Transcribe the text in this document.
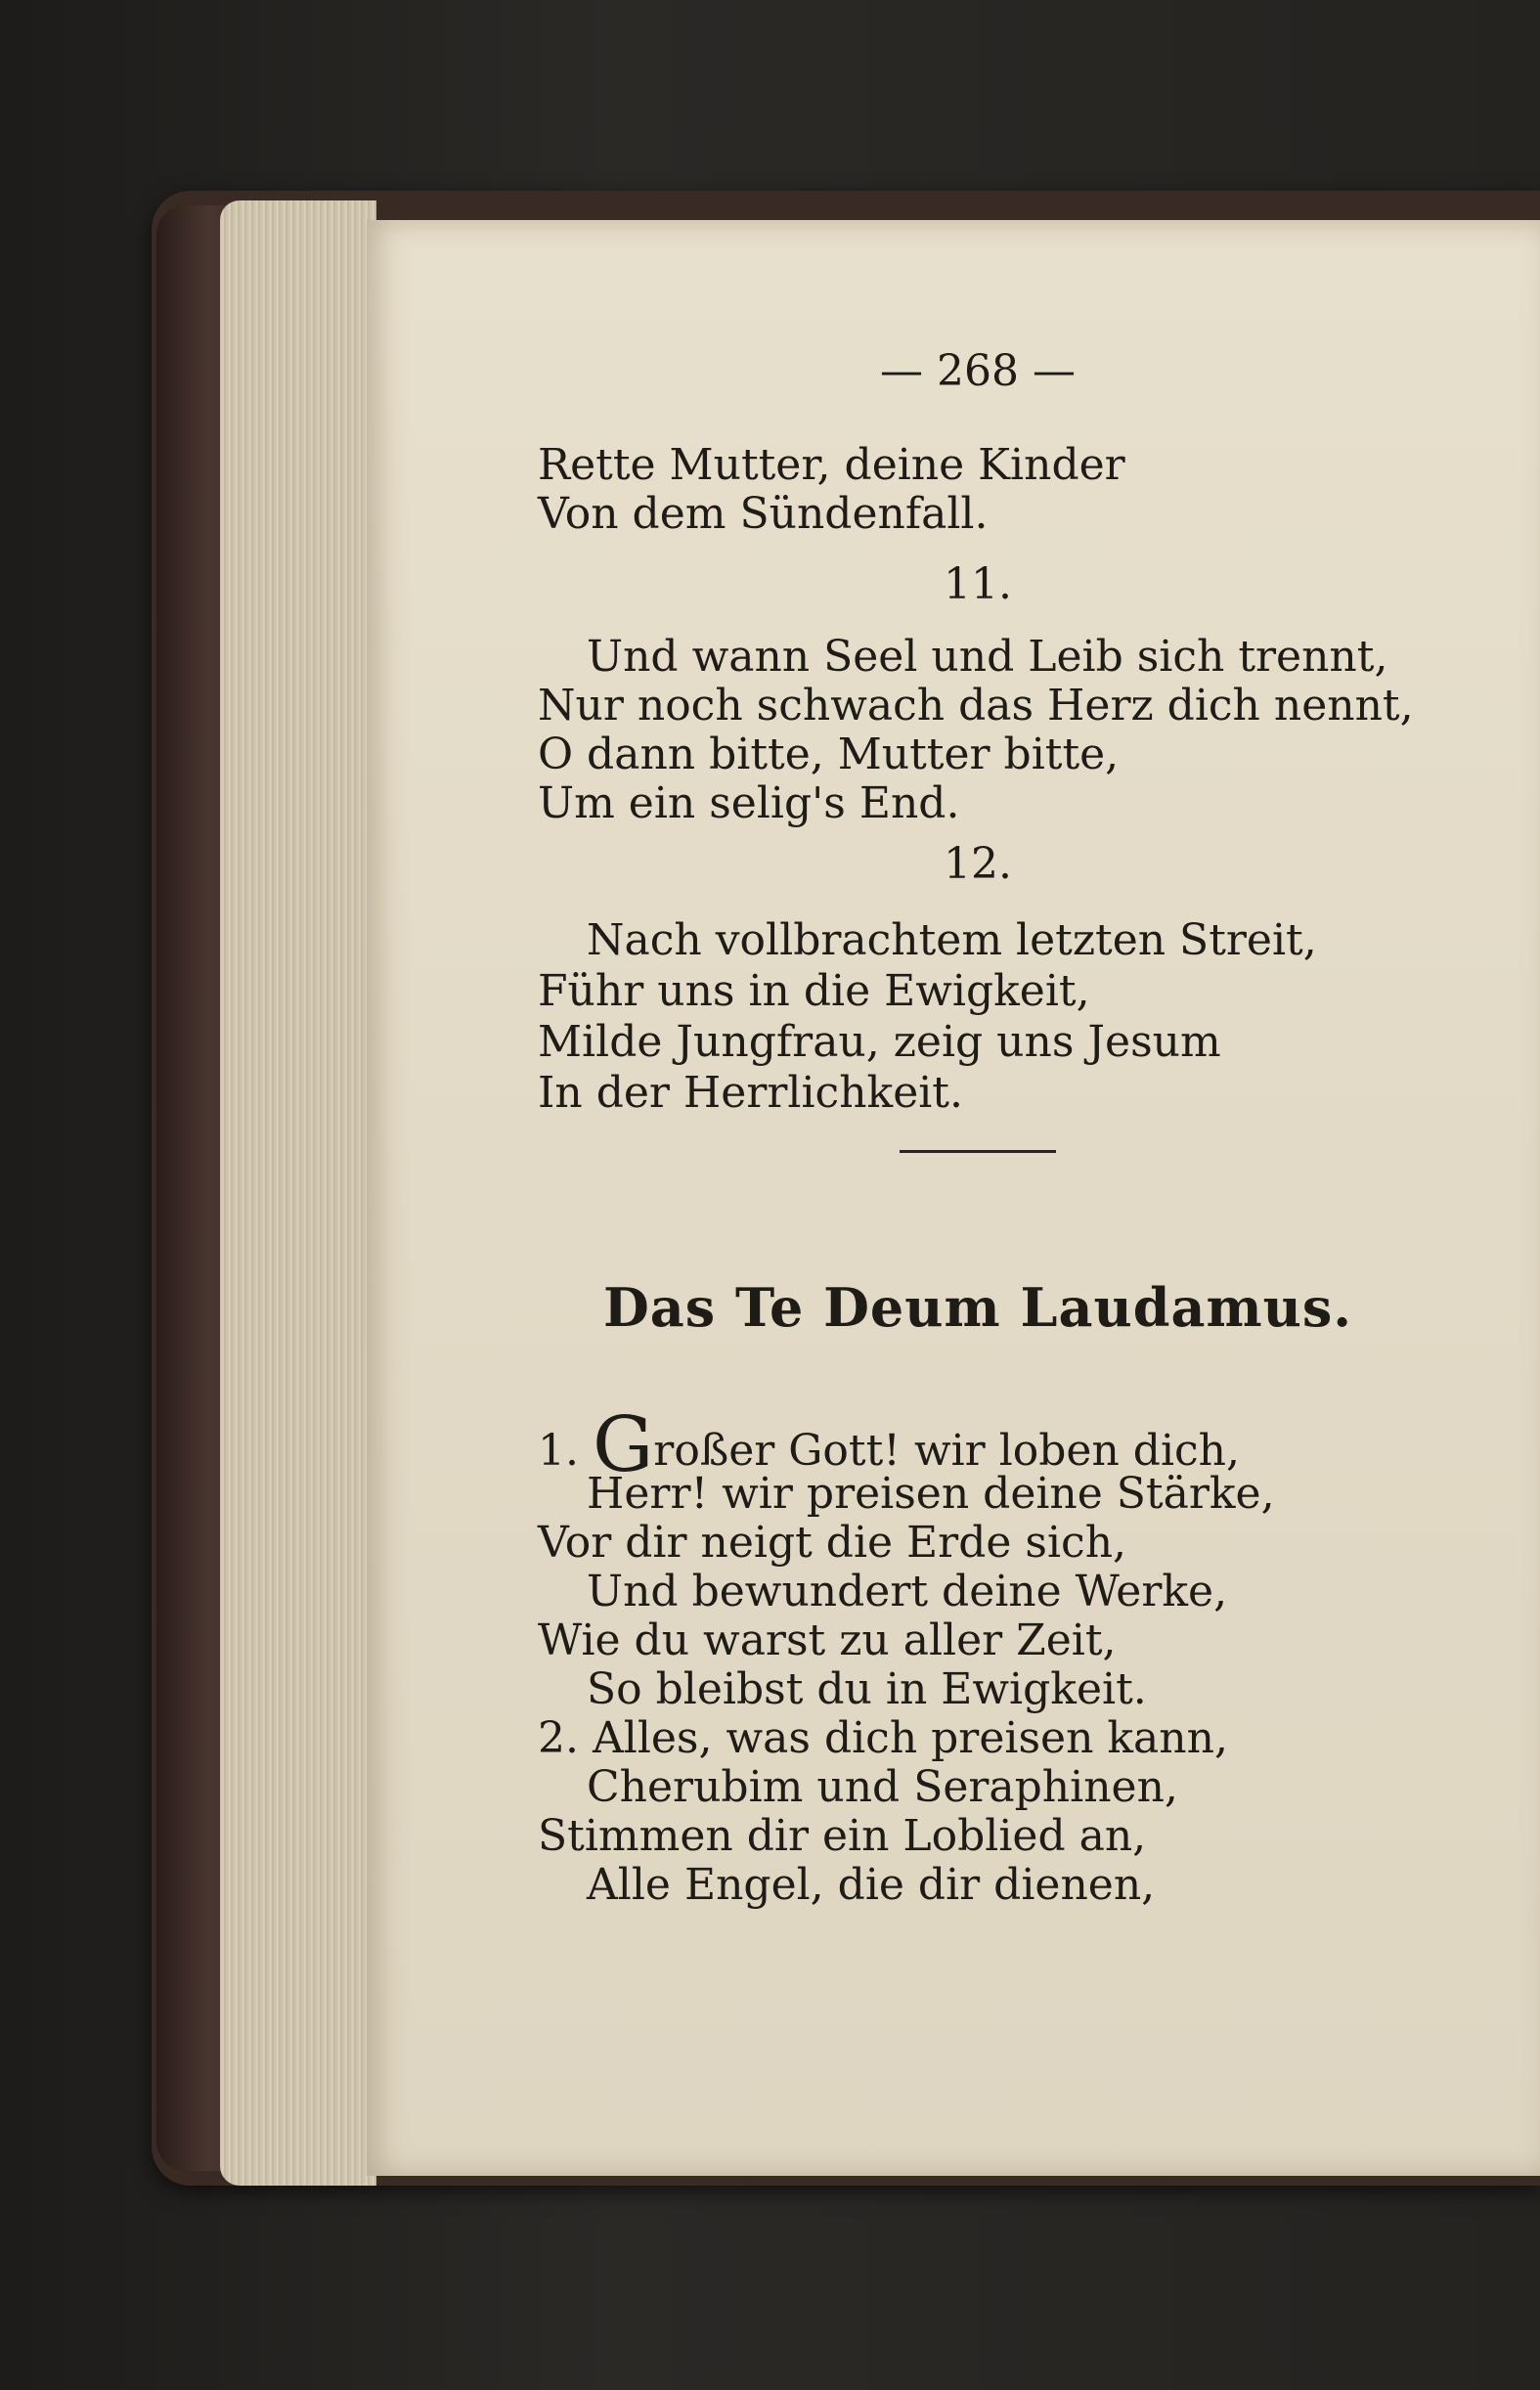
— 268 —
Rette Mutter, deine Kinder
Von dem Sündenfall.
11.
Und wann Seel und Leib sich trennt,
Nur noch schwach das Herz dich nennt,
O dann bitte, Mutter bitte,
Um ein selig's End.
12.
Nach vollbrachtem letzten Streit,
Führ uns in die Ewigkeit,
Milde Jungfrau, zeig uns Jesum
In der Herrlichkeit.
Das Te Deum Laudamus.
1. Großer Gott! wir loben dich,
Herr! wir preisen deine Stärke,
Vor dir neigt die Erde sich,
Und bewundert deine Werke,
Wie du warst zu aller Zeit,
So bleibst du in Ewigkeit.
2. Alles, was dich preisen kann,
Cherubim und Seraphinen,
Stimmen dir ein Loblied an,
Alle Engel, die dir dienen,
